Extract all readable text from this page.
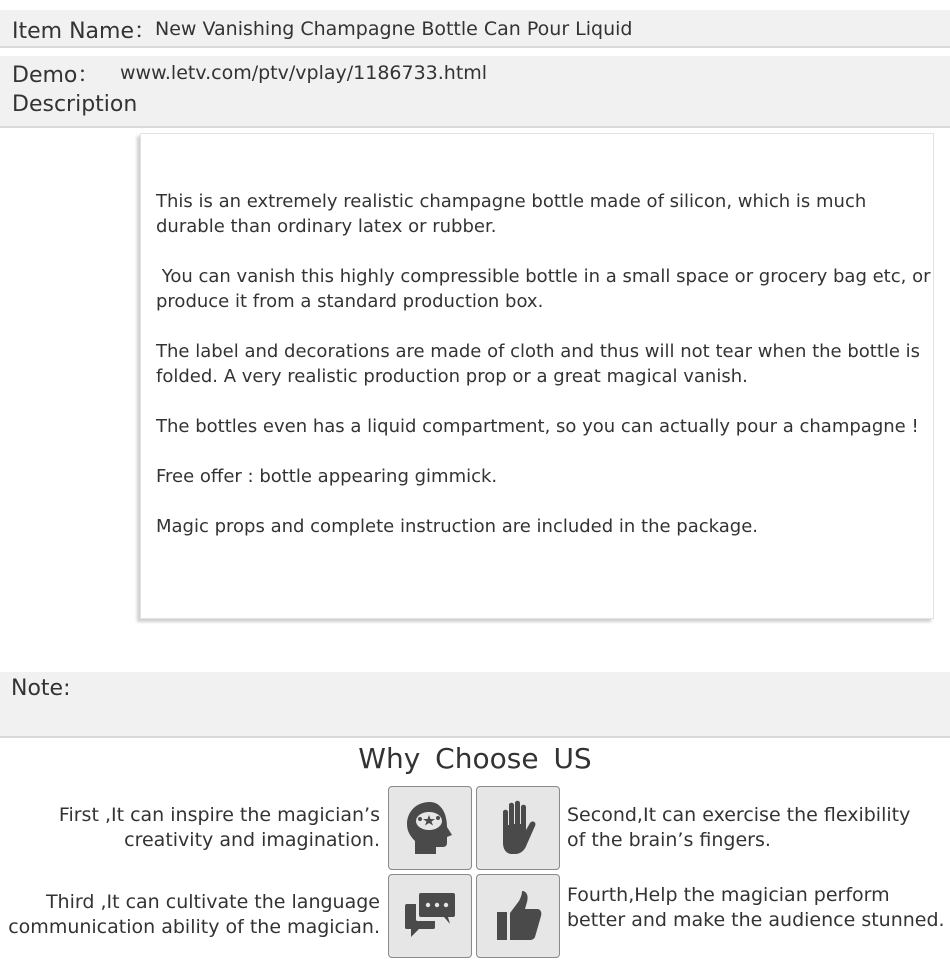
Item Name： New Vanishing Champagne Bottle Can Pour Liquid
Demo： www.letv.com/ptv/vplay/1186733.html
Description

This is an extremely realistic champagne bottle made of silicon, which is much durable than ordinary latex or rubber.

You can vanish this highly compressible bottle in a small space or grocery bag etc, or produce it from a standard production box.

The label and decorations are made of cloth and thus will not tear when the bottle is folded. A very realistic production prop or a great magical vanish.

The bottles even has a liquid compartment, so you can actually pour a champagne !

Free offer : bottle appearing gimmick.

Magic props and complete instruction are included in the package.

Note:
Why Choose US
First ,It can inspire the magician’s
creativity and imagination.
Second,It can exercise the flexibility
of the brain’s fingers.
Third ,It can cultivate the language
communication ability of the magician.
Fourth,Help the magician perform
better and make the audience stunned.
